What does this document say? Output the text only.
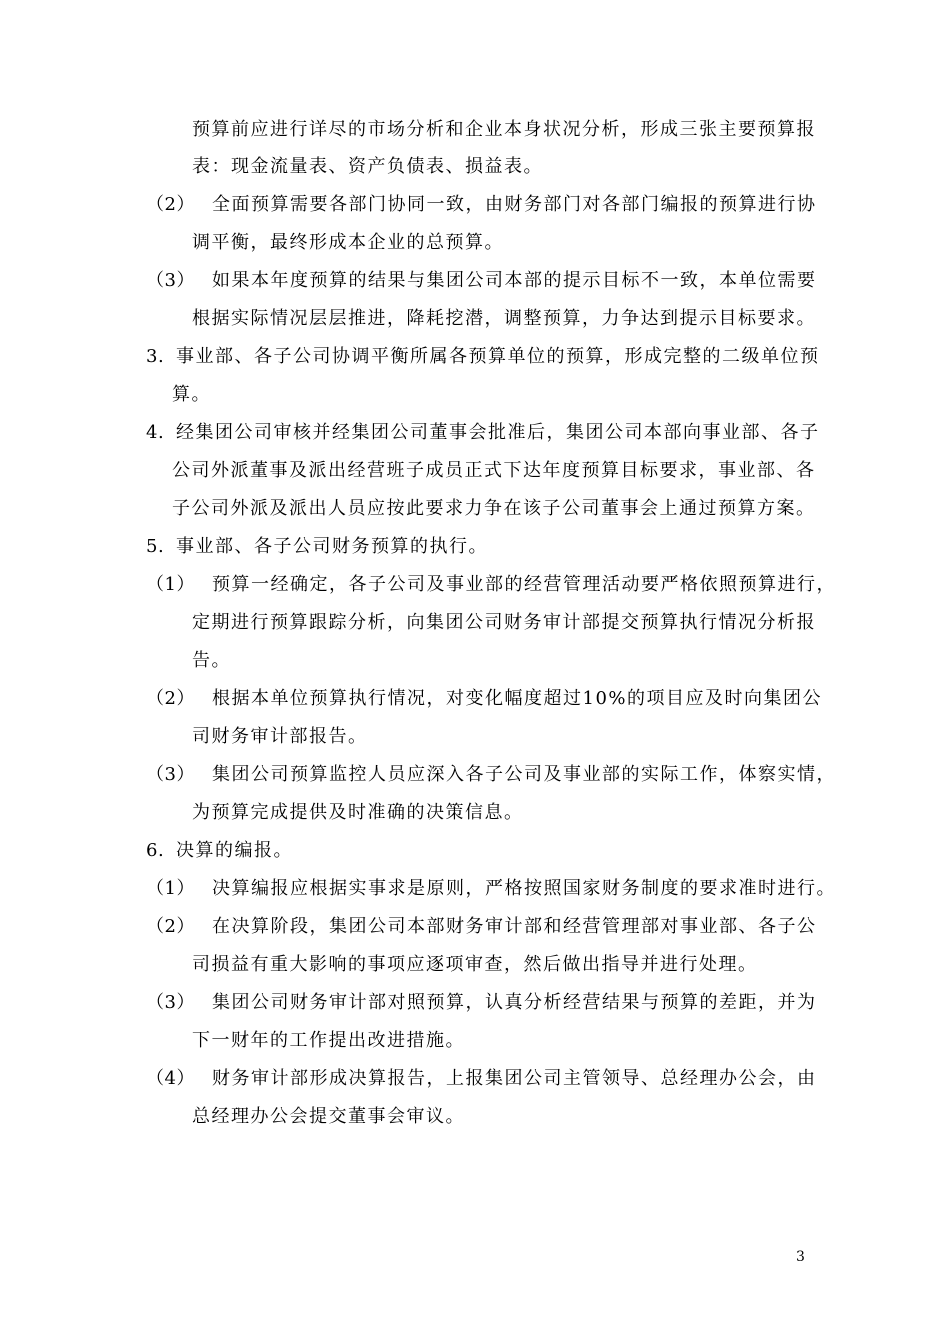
预算前应进行详尽的市场分析和企业本身状况分析，形成三张主要预算报
表：现金流量表、资产负债表、损益表。
（2） 全面预算需要各部门协同一致，由财务部门对各部门编报的预算进行协
调平衡，最终形成本企业的总预算。
（3） 如果本年度预算的结果与集团公司本部的提示目标不一致，本单位需要
根据实际情况层层推进，降耗挖潜，调整预算，力争达到提示目标要求。
3. 事业部、各子公司协调平衡所属各预算单位的预算，形成完整的二级单位预
算。
4. 经集团公司审核并经集团公司董事会批准后，集团公司本部向事业部、各子
公司外派董事及派出经营班子成员正式下达年度预算目标要求，事业部、各
子公司外派及派出人员应按此要求力争在该子公司董事会上通过预算方案。
5. 事业部、各子公司财务预算的执行。
（1） 预算一经确定，各子公司及事业部的经营管理活动要严格依照预算进行，
定期进行预算跟踪分析，向集团公司财务审计部提交预算执行情况分析报
告。
（2） 根据本单位预算执行情况，对变化幅度超过10%的项目应及时向集团公
司财务审计部报告。
（3） 集团公司预算监控人员应深入各子公司及事业部的实际工作，体察实情，
为预算完成提供及时准确的决策信息。
6. 决算的编报。
（1） 决算编报应根据实事求是原则，严格按照国家财务制度的要求准时进行。
（2） 在决算阶段，集团公司本部财务审计部和经营管理部对事业部、各子公
司损益有重大影响的事项应逐项审查，然后做出指导并进行处理。
（3） 集团公司财务审计部对照预算，认真分析经营结果与预算的差距，并为
下一财年的工作提出改进措施。
（4） 财务审计部形成决算报告，上报集团公司主管领导、总经理办公会，由
总经理办公会提交董事会审议。
3
